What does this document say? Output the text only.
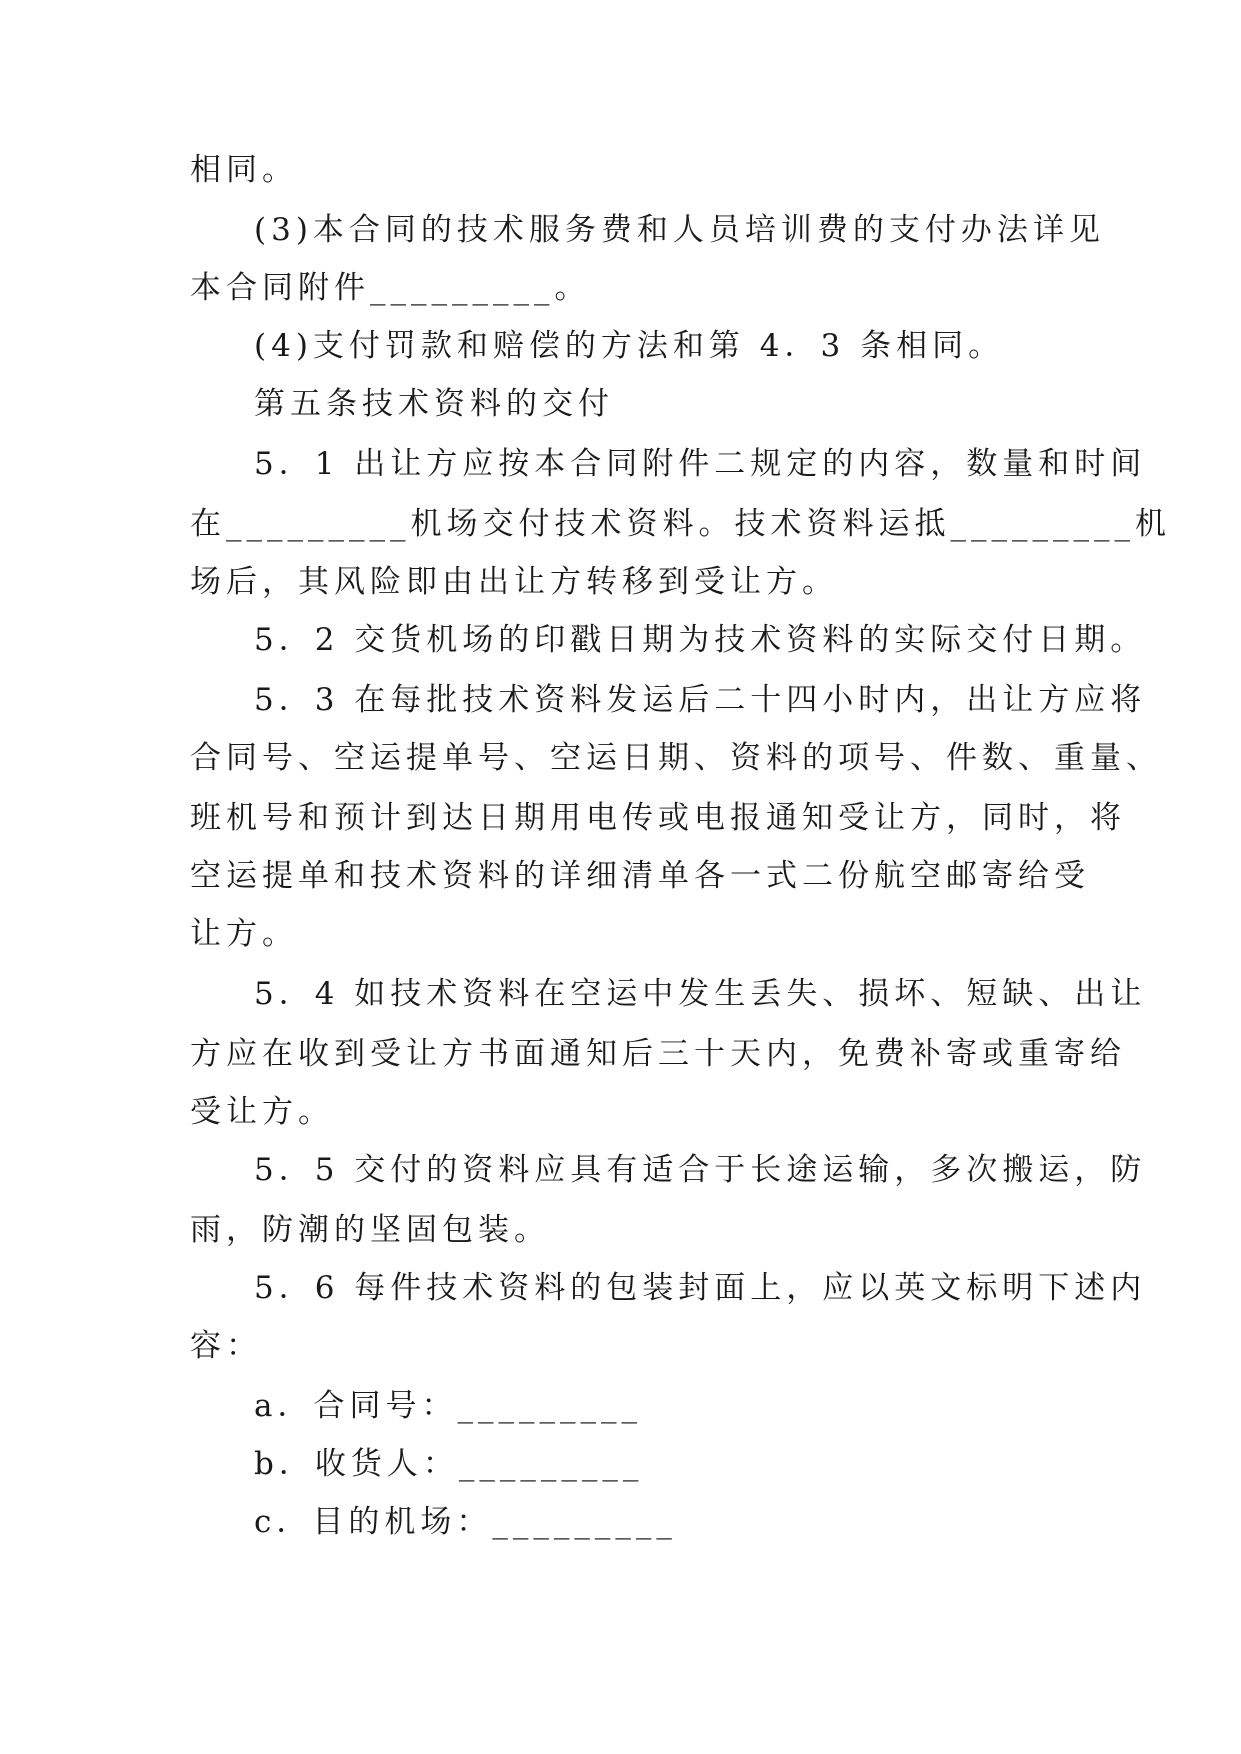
相同。
(3)本合同的技术服务费和人员培训费的支付办法详见
本合同附件_________。
(4)支付罚款和赔偿的方法和第 4．3 条相同。
第五条技术资料的交付
5．1 出让方应按本合同附件二规定的内容，数量和时间
在_________机场交付技术资料。技术资料运抵_________机
场后，其风险即由出让方转移到受让方。
5．2 交货机场的印戳日期为技术资料的实际交付日期。
5．3 在每批技术资料发运后二十四小时内，出让方应将
合同号、空运提单号、空运日期、资料的项号、件数、重量、
班机号和预计到达日期用电传或电报通知受让方，同时，将
空运提单和技术资料的详细清单各一式二份航空邮寄给受
让方。
5．4 如技术资料在空运中发生丢失、损坏、短缺、出让
方应在收到受让方书面通知后三十天内，免费补寄或重寄给
受让方。
5．5 交付的资料应具有适合于长途运输，多次搬运，防
雨，防潮的坚固包装。
5．6 每件技术资料的包装封面上，应以英文标明下述内
容：
a．合同号：_________
b．收货人：_________
c．目的机场：_________
